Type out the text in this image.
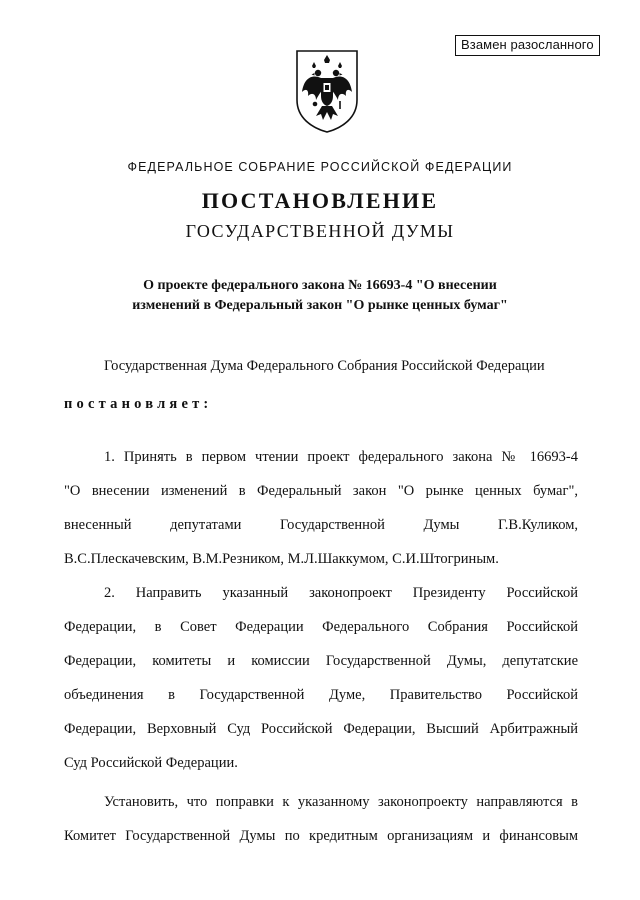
Взамен разосланного
ФЕДЕРАЛЬНОЕ СОБРАНИЕ РОССИЙСКОЙ ФЕДЕРАЦИИ
ПОСТАНОВЛЕНИЕ
ГОСУДАРСТВЕННОЙ ДУМЫ
О проекте федерального закона № 16693-4 "О внесении
изменений в Федеральный закон "О рынке ценных бумаг"

Государственная Дума Федерального Собрания Российской Федерации

постановляет:

1. Принять в первом чтении проект федерального закона № 16693-4

"О внесении изменений в Федеральный закон "О рынке ценных бумаг",

внесенный депутатами Государственной Думы Г.В.Куликом,

В.С.Плескачевским, В.М.Резником, М.Л.Шаккумом, С.И.Штогриным.

2. Направить указанный законопроект Президенту Российской

Федерации, в Совет Федерации Федерального Собрания Российской

Федерации, комитеты и комиссии Государственной Думы, депутатские

объединения в Государственной Думе, Правительство Российской

Федерации, Верховный Суд Российской Федерации, Высший Арбитражный

Суд Российской Федерации.

Установить, что поправки к указанному законопроекту направляются в

Комитет Государственной Думы по кредитным организациям и финансовым
